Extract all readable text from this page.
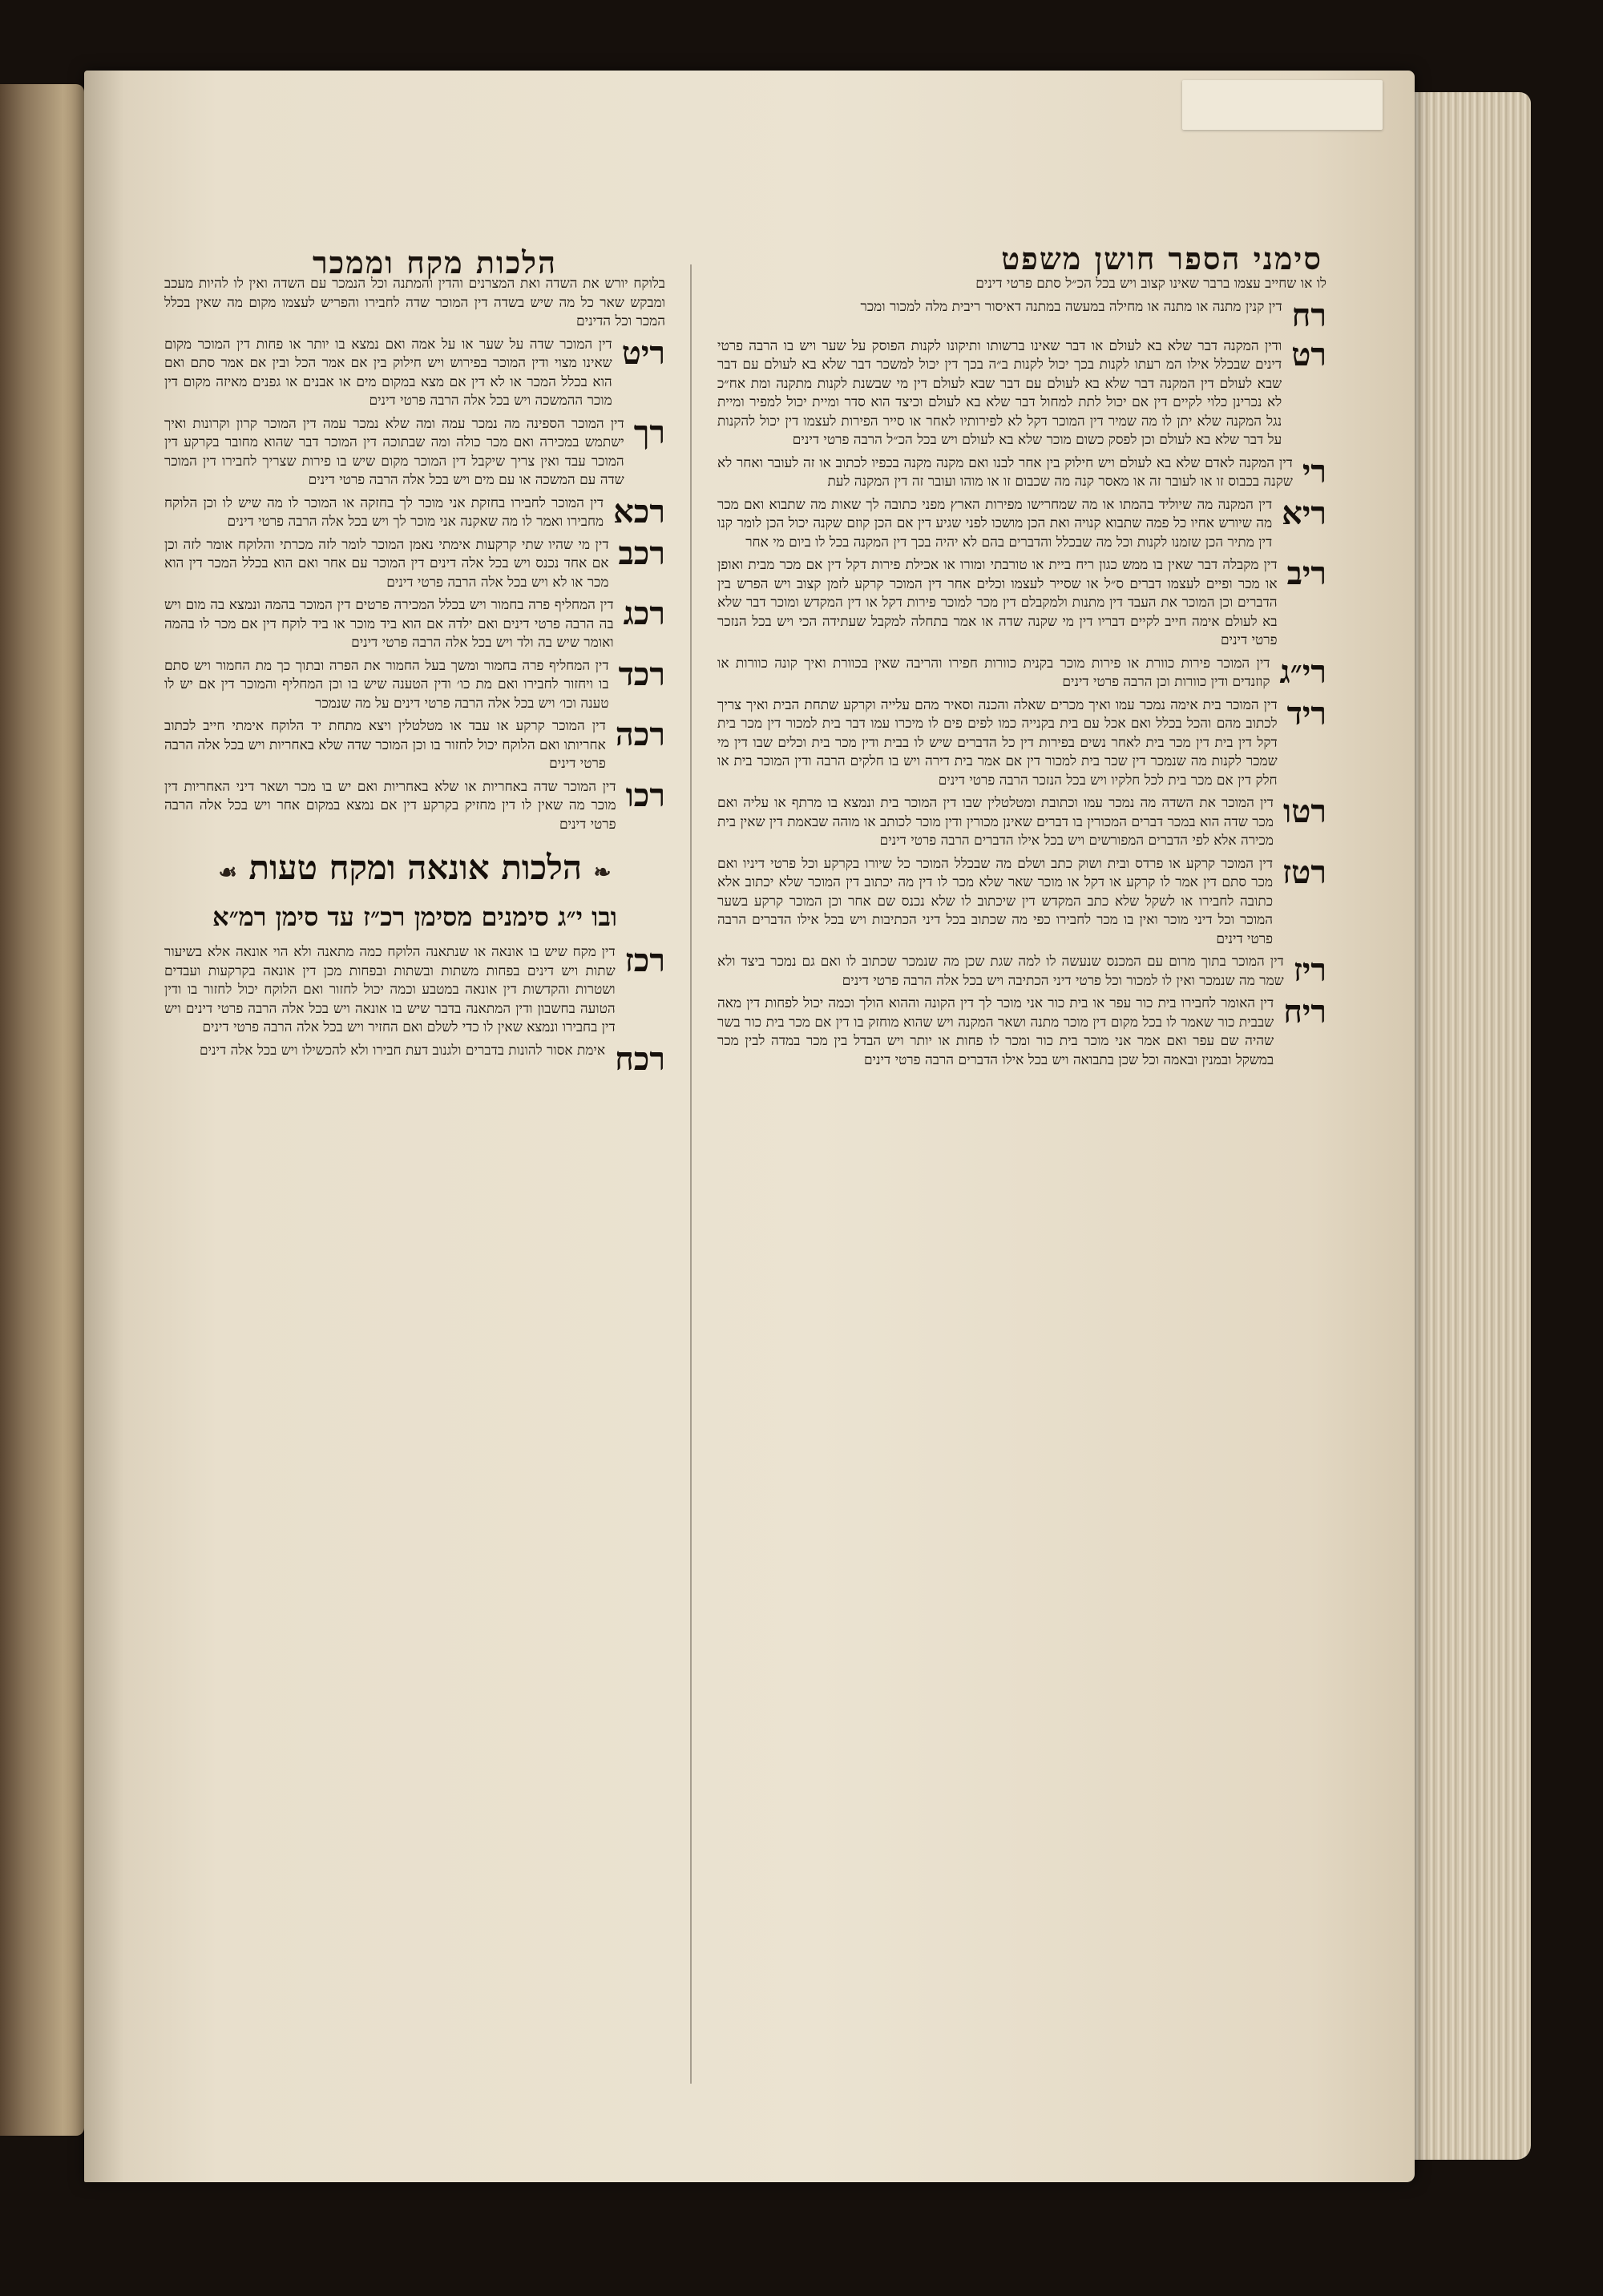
סימני הספר חושן משפט
הלכות מקח וממכר
לו או שחייב עצמו ברבר שאינו קצוב ויש בכל הכ״ל סתם פרטי דינים
רח
דין קנין מתנה או מתנה או מחילה במעשה במתנה דאיסור ריבית מלה למכור ומכר
רט
ודין המקנה דבר שלא בא לעולם או דבר שאינו ברשותו ותיקונו לקנות הפוסק על שער ויש בו הרבה פרטי דינים שבכלל אילו המ רעתו לקנות בכך יכול לקנות ב״ה בכך דין יכול למשכר דבר שלא בא לעולם עם דבר שבא לעולם דין המקנה דבר שלא בא לעולם עם דבר שבא לעולם דין מי שבשנת לקנות מתקנה ומת אח״כ לא נכרינן כלוי לקיים דין אם יכול לתת למחול דבר שלא בא לעולם וכיצד הוא סדר ומיית יכול למפיר ומיית נגל המקנה שלא יתן לו מה שמיר דין המוכר דקל לא לפירותיו לאחר או סייר הפירות לעצמו דין יכול להקנות על דבר שלא בא לעולם וכן לפסק כשום מוכר שלא בא לעולם ויש בכל הכ״ל הרבה פרטי דינים
רי
דין המקנה לאדם שלא בא לעולם ויש חילוק בין אחר לבנו ואם מקנה מקנה בכפיו לכתוב או זה לעובר ואחר לא שקנה בכבוס זו או לעובר זה או מאסר קנה מה שכבום זו או מוהו ועובר זה דין המקנה לעת
ריא
דין המקנה מה שיוליד בהמתו או מה שמחרישו מפירות הארץ מפני כתובה לך שאות מה שתבוא ואם מכר מה שיורש אחיו כל פמה שתבוא קנויה ואת הכן מושכו לפני שגיע דין אם הכן קוזם שקנה יכול הכן לומר קנו דין מתיר הכן שזמנו לקנות וכל מה שבכלל והדברים בהם לא יהיה בכך דין המקנה בכל לו ביום מי אחר
ריב
דין מקבלה דבר שאין בו ממש כגון ריח ביית או טורבתי ומורו או אכילת פירות דקל דין אם מכר מבית ואופן או מכר ופיים לעצמו דברים ס״ל או שסייר לעצמו וכלים אחר דין המוכר קרקע לזמן קצוב ויש הפרש בין הדברים וכן המוכר את העבד דין מתנות ולמקבלם דין מכר למוכר פירות דקל או דין המקדש ומוכר דבר שלא בא לעולם אימה חייב לקיים דבריו דין מי שקנה שדה או אמר בתחלה למקבל שעתידה הכי ויש בכל הנזכר פרטי דינים
רי״ג
דין המוכר פירות כוורת או פירות מוכר בקנית כוורות חפירו והריבה שאין בכוורת ואיך קונה כוורות או קוזנדים ודין כוורות וכן הרבה פרטי דינים
ריד
דין המוכר בית אימה נמכר עמו ואיך מכרים שאלה והכנה וסאיר מהם עלייה וקרקע שתחת הבית ואיך צריך לכתוב מהם והכל בכלל ואם אכל עם בית בקנייה כמו לפים פים לו מיכרו עמו דבר בית למכור דין מכר בית דקל דין בית דין מכר בית לאחר נשים בפירות דין כל הדברים שיש לו בבית ודין מכר בית וכלים שבו דין מי שמכר לקנות מה שנמכר דין שכר בית למכור דין אם אמר בית דירה ויש בו חלקים הרבה ודין המוכר בית או חלק דין אם מכר בית לכל חלקיו ויש בכל הנזכר הרבה פרטי דינים
רטו
דין המוכר את השדה מה נמכר עמו וכתובת ומטלטלין שבו דין המוכר בית ונמצא בו מרתף או עליה ואם מכר שדה הוא במכר דברים המכורין בו דברים שאינן מכורין ודין מוכר לכותב או מוהה שבאמת דין שאין בית מכירה אלא לפי הדברים המפורשים ויש בכל אילו הדברים הרבה פרטי דינים
רטז
דין המוכר קרקע או פרדס ובית ושוק כתב ושלם מה שבכלל המוכר כל שיורו בקרקע וכל פרטי דיניו ואם מכר סתם דין אמר לו קרקע או דקל או מוכר שאר שלא מכר לו דין מה יכתוב דין המוכר שלא יכתוב אלא כתובה לחבירו או לשקל שלא כתב המקדש דין שיכתוב לו שלא נכנס שם אחר וכן המוכר קרקע בשער המוכר וכל דיני מוכר ואין בו מכר לחבירו כפי מה שכתוב בכל דיני הכתיבות ויש בכל אילו הדברים הרבה פרטי דינים
ריז
דין המוכר בתוך מרום עם המכנס שנעשה לו למה שגת שכן מה שנמכר שכתוב לו ואם גם נמכר ביצד ולא שמר מה שנמכר ואין לו למכור וכל פרטי דיני הכתיבה ויש בכל אלה הרבה פרטי דינים
ריח
דין האומר לחבירו בית כור עפר או בית כור אני מוכר לך דין הקונה וההוא הולך וכמה יכול לפחות דין מאה שבבית כור שאמר לו בכל מקום דין מוכר מתנה ושאר המקנה ויש שהוא מוחזק בו דין אם מכר בית כור בשר שהיה שם עפר ואם אמר אני מוכר בית כור ומכר לו פחות או יותר ויש הבדל בין מכר במדה לבין מכר במשקל ובמנין ובאמה וכל שכן בתבואה ויש בכל אילו הדברים הרבה פרטי דינים
בלוקח יורש את השדה ואת המצרנים והדין והמתנה וכל הנמכר עם השדה ואין לו להיות מעכב ומבקש שאר כל מה שיש בשדה דין המוכר שדה לחבירו והפריש לעצמו מקום מה שאין בכלל המכר וכל הדינים
ריט
דין המוכר שדה על שער או על אמה ואם נמצא בו יותר או פחות דין המוכר מקום שאינו מצוי ודין המוכר בפירוש ויש חילוק בין אם אמר הכל ובין אם אמר סתם ואם הוא בכלל המכר או לא דין אם מצא במקום מים או אבנים או גפנים מאיזה מקום דין מוכר ההמשכה ויש בכל אלה הרבה פרטי דינים
רך
דין המוכר הספינה מה נמכר עמה ומה שלא נמכר עמה דין המוכר קרון וקרונות ואיך ישתמש במכירה ואם מכר כולה ומה שבתוכה דין המוכר דבר שהוא מחובר בקרקע דין המוכר עבד ואין צריך שיקבל דין המוכר מקום שיש בו פירות שצריך לחבירו דין המוכר שדה עם המשכה או עם מים ויש בכל אלה הרבה פרטי דינים
רכא
דין המוכר לחבירו בחזקת אני מוכר לך בחזקה או המוכר לו מה שיש לו וכן הלוקח מחבירו ואמר לו מה שאקנה אני מוכר לך ויש בכל אלה הרבה פרטי דינים
רכב
דין מי שהיו שתי קרקעות אימתי נאמן המוכר לומר לזה מכרתי והלוקח אומר לזה וכן אם אחד נכנס ויש בכל אלה דינים דין המוכר עם אחר ואם הוא בכלל המכר דין הוא מכר או לא ויש בכל אלה הרבה פרטי דינים
רכג
דין המחליף פרה בחמור ויש בכלל המכירה פרטים דין המוכר בהמה ונמצא בה מום ויש בה הרבה פרטי דינים ואם ילדה אם הוא ביד מוכר או ביד לוקח דין אם מכר לו בהמה ואומר שיש בה ולד ויש בכל אלה הרבה פרטי דינים
רכד
דין המחליף פרה בחמור ומשך בעל החמור את הפרה ובתוך כך מת החמור ויש סתם בו ויחזור לחבירו ואם מת כו׳ ודין הטענה שיש בו וכן המחליף והמוכר דין אם יש לו טענה וכו׳ ויש בכל אלה הרבה פרטי דינים על מה שנמכר
רכה
דין המוכר קרקע או עבד או מטלטלין ויצא מתחת יד הלוקח אימתי חייב לכתוב אחריותו ואם הלוקח יכול לחזור בו וכן המוכר שדה שלא באחריות ויש בכל אלה הרבה פרטי דינים
רכו
דין המוכר שדה באחריות או שלא באחריות ואם יש בו מכר ושאר דיני האחריות דין מוכר מה שאין לו דין מחזיק בקרקע דין אם נמצא במקום אחר ויש בכל אלה הרבה פרטי דינים
❧ הלכות אונאה ומקח טעות ☙
ובו י״ג סימנים מסימן רכ״ז עד סימן רמ״א
רכז
דין מקח שיש בו אונאה או שנתאנה הלוקח כמה מתאנה ולא הוי אונאה אלא בשיעור שתות ויש דינים בפחות משתות ובשתות ובפחות מכן דין אונאה בקרקעות ועבדים ושטרות והקדשות דין אונאה במטבע וכמה יכול לחזור ואם הלוקח יכול לחזור בו ודין הטועה בחשבון ודין המתאנה בדבר שיש בו אונאה ויש בכל אלה הרבה פרטי דינים ויש דין בחבירו ונמצא שאין לו כדי לשלם ואם החזיר ויש בכל אלה הרבה פרטי דינים
רכח
אימת אסור להונות בדברים ולגנוב דעת חבירו ולא להכשילו ויש בכל אלה דינים
